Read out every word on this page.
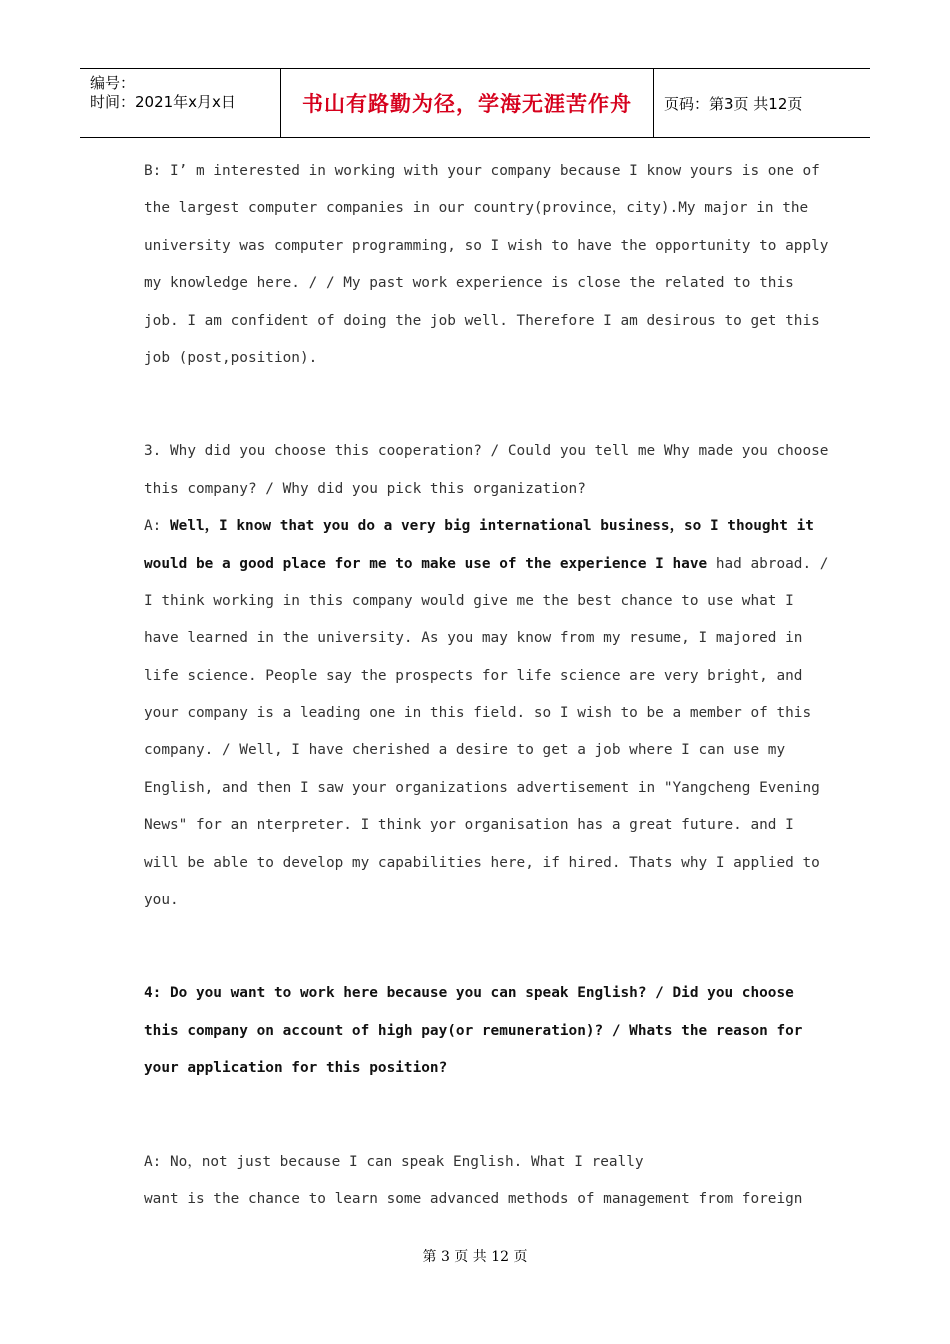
编号：
时间：2021年x月x日	书山有路勤为径，学海无涯苦作舟 页码：第3页 共12页
B: I’ m interested in working with your company because I know yours is one of
the largest computer companies in our country(province，city).My major in the
university was computer programming, so I wish to have the opportunity to apply
my knowledge here. / / My past work experience is close the related to this
job. I am confident of doing the job well. Therefore I am desirous to get this
job (post,position).
3. Why did you choose this cooperation? / Could you tell me Why made you choose
this company? / Why did you pick this organization?
A: Well，I know that you do a very big international business，so I thought it
would be a good place for me to make use of the experience I have had abroad. /
I think working in this company would give me the best chance to use what I
have learned in the university. As you may know from my resume, I majored in
life science. People say the prospects for life science are very bright, and
your company is a leading one in this field. so I wish to be a member of this
company. / Well, I have cherished a desire to get a job where I can use my
English, and then I saw your organizations advertisement in "Yangcheng Evening
News" for an nterpreter. I think yor organisation has a great future. and I
will be able to develop my capabilities here, if hired. Thats why I applied to
you.
4: Do you want to work here because you can speak English? / Did you choose
this company on account of high pay(or remuneration)? / Whats the reason for
your application for this position?
A: No，not just because I can speak English. What I really
want is the chance to learn some advanced methods of management from foreign
第 3 页 共 12 页
